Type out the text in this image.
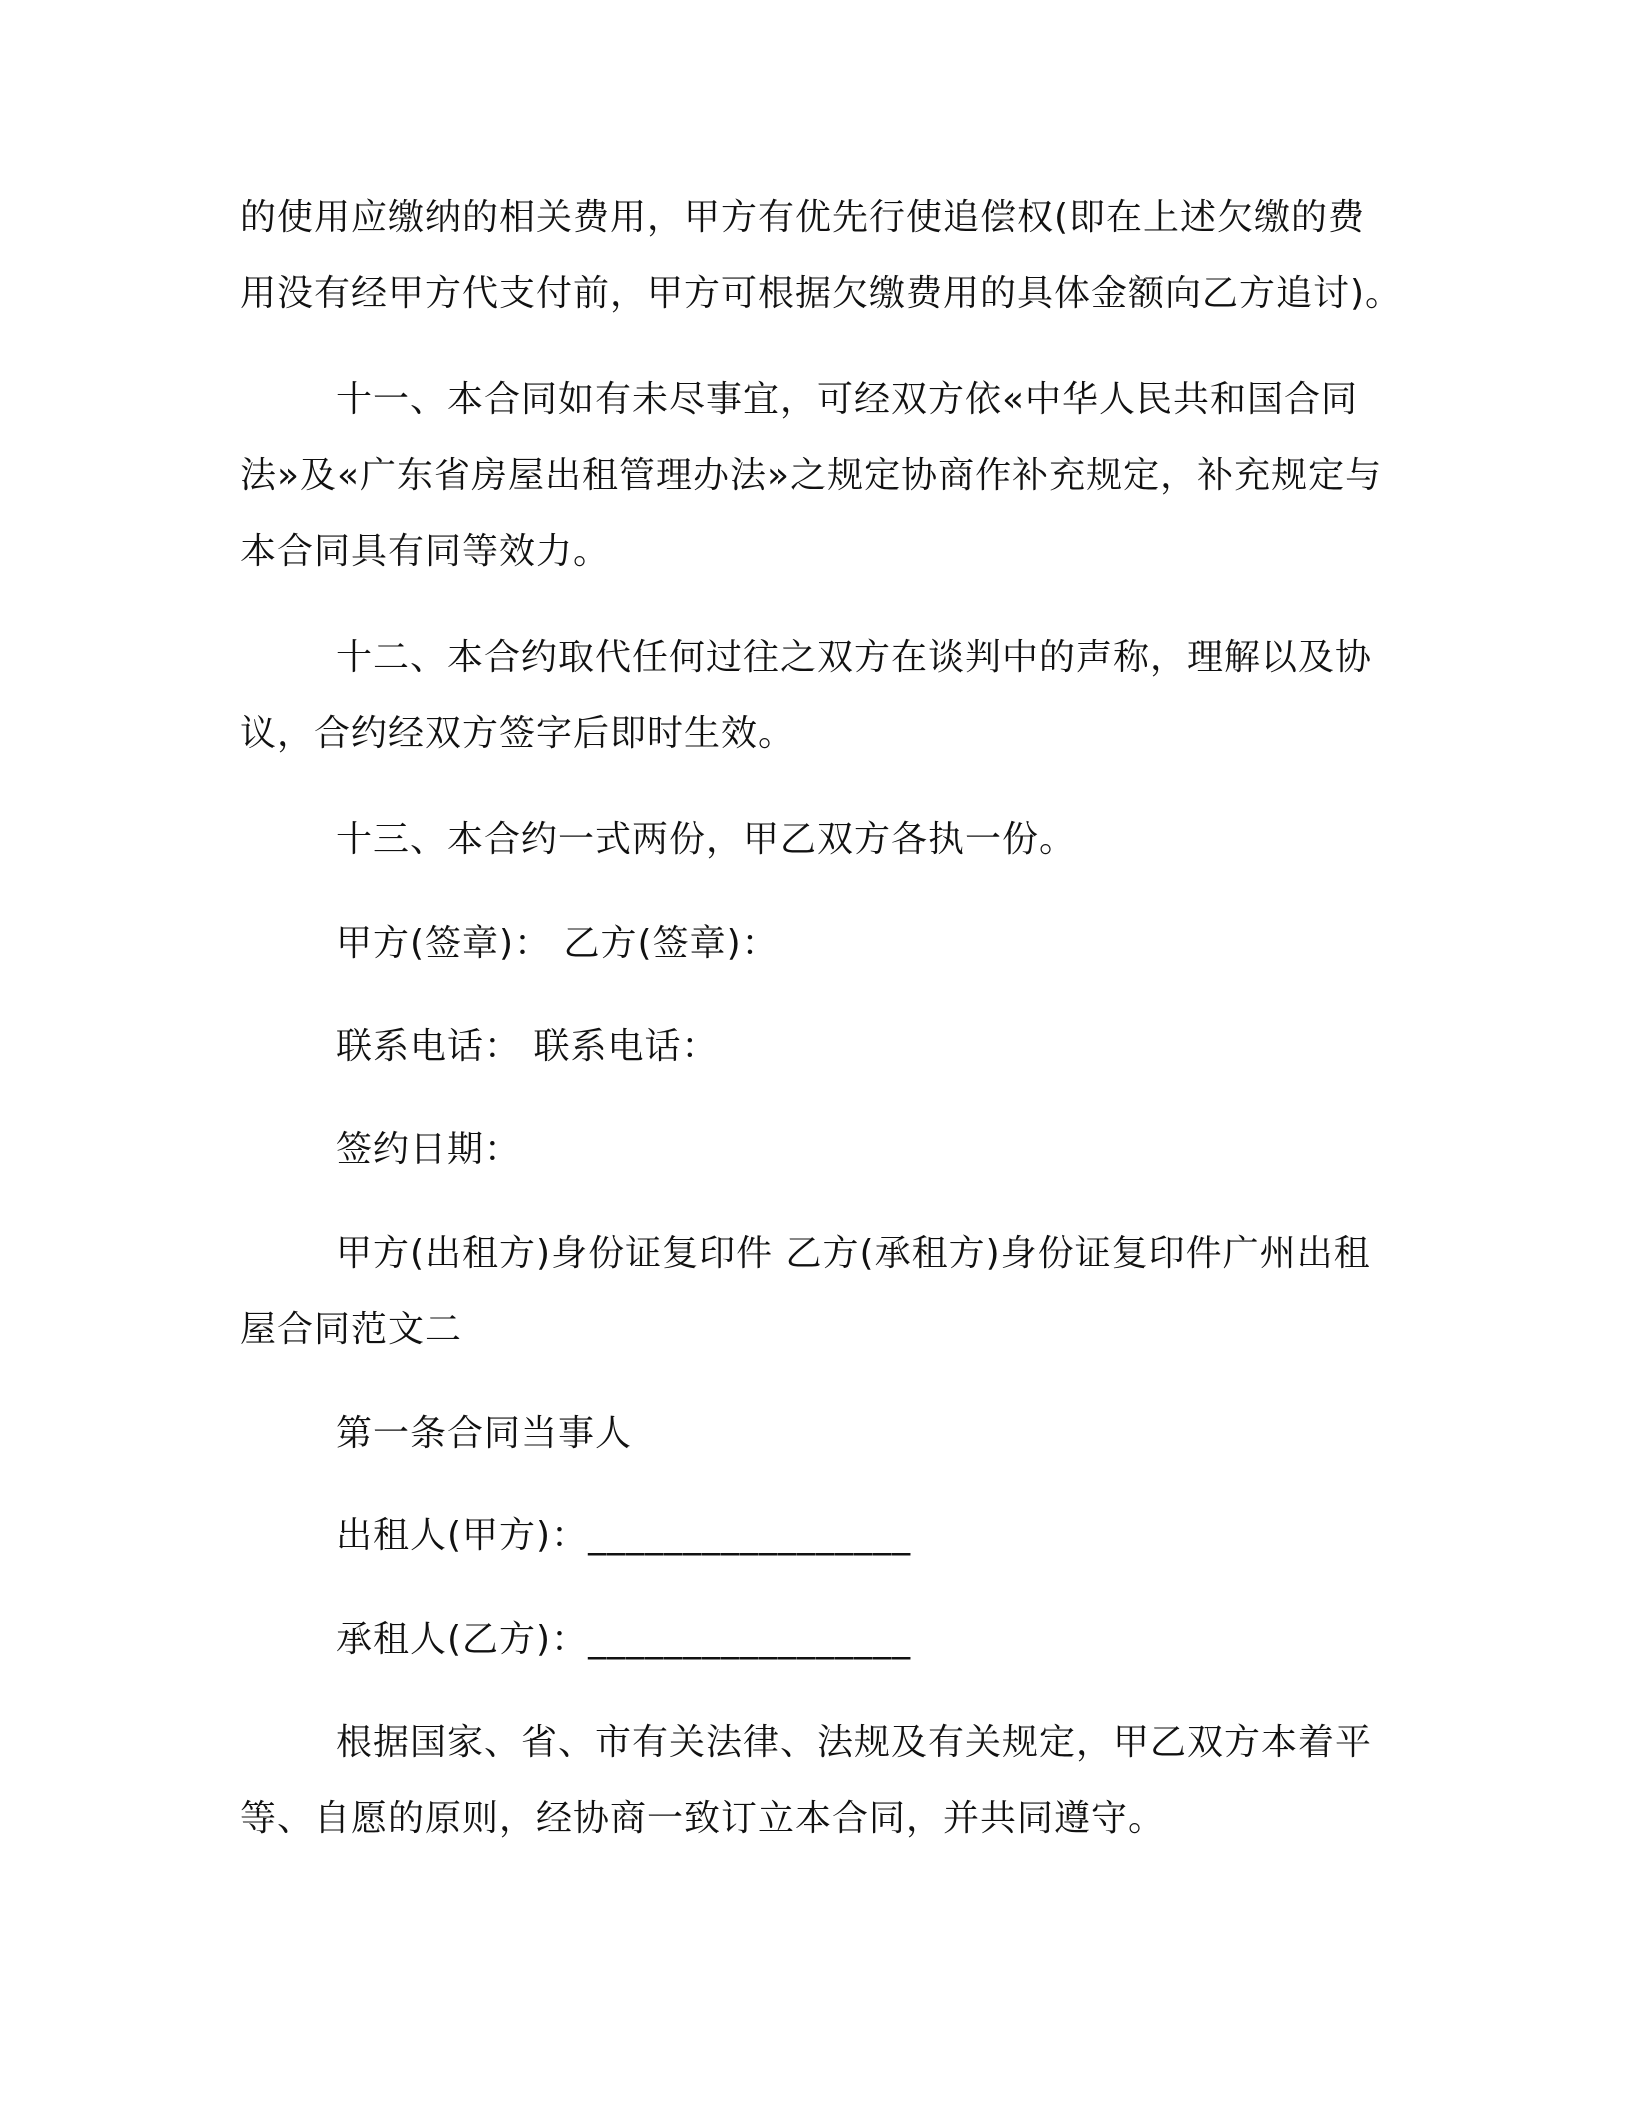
的使用应缴纳的相关费用，甲方有优先行使追偿权(即在上述欠缴的费
用没有经甲方代支付前，甲方可根据欠缴费用的具体金额向乙方追讨)。
十一、本合同如有未尽事宜，可经双方依«中华人民共和国合同
法»及«广东省房屋出租管理办法»之规定协商作补充规定，补充规定与
本合同具有同等效力。
十二、本合约取代任何过往之双方在谈判中的声称，理解以及协
议，合约经双方签字后即时生效。
十三、本合约一式两份，甲乙双方各执一份。
甲方(签章)： 乙方(签章)：
联系电话： 联系电话：
签约日期：
甲方(出租方)身份证复印件 乙方(承租方)身份证复印件广州出租
屋合同范文二
第一条合同当事人
出租人(甲方)：_________________
承租人(乙方)：_________________
根据国家、省、市有关法律、法规及有关规定，甲乙双方本着平
等、自愿的原则，经协商一致订立本合同，并共同遵守。
